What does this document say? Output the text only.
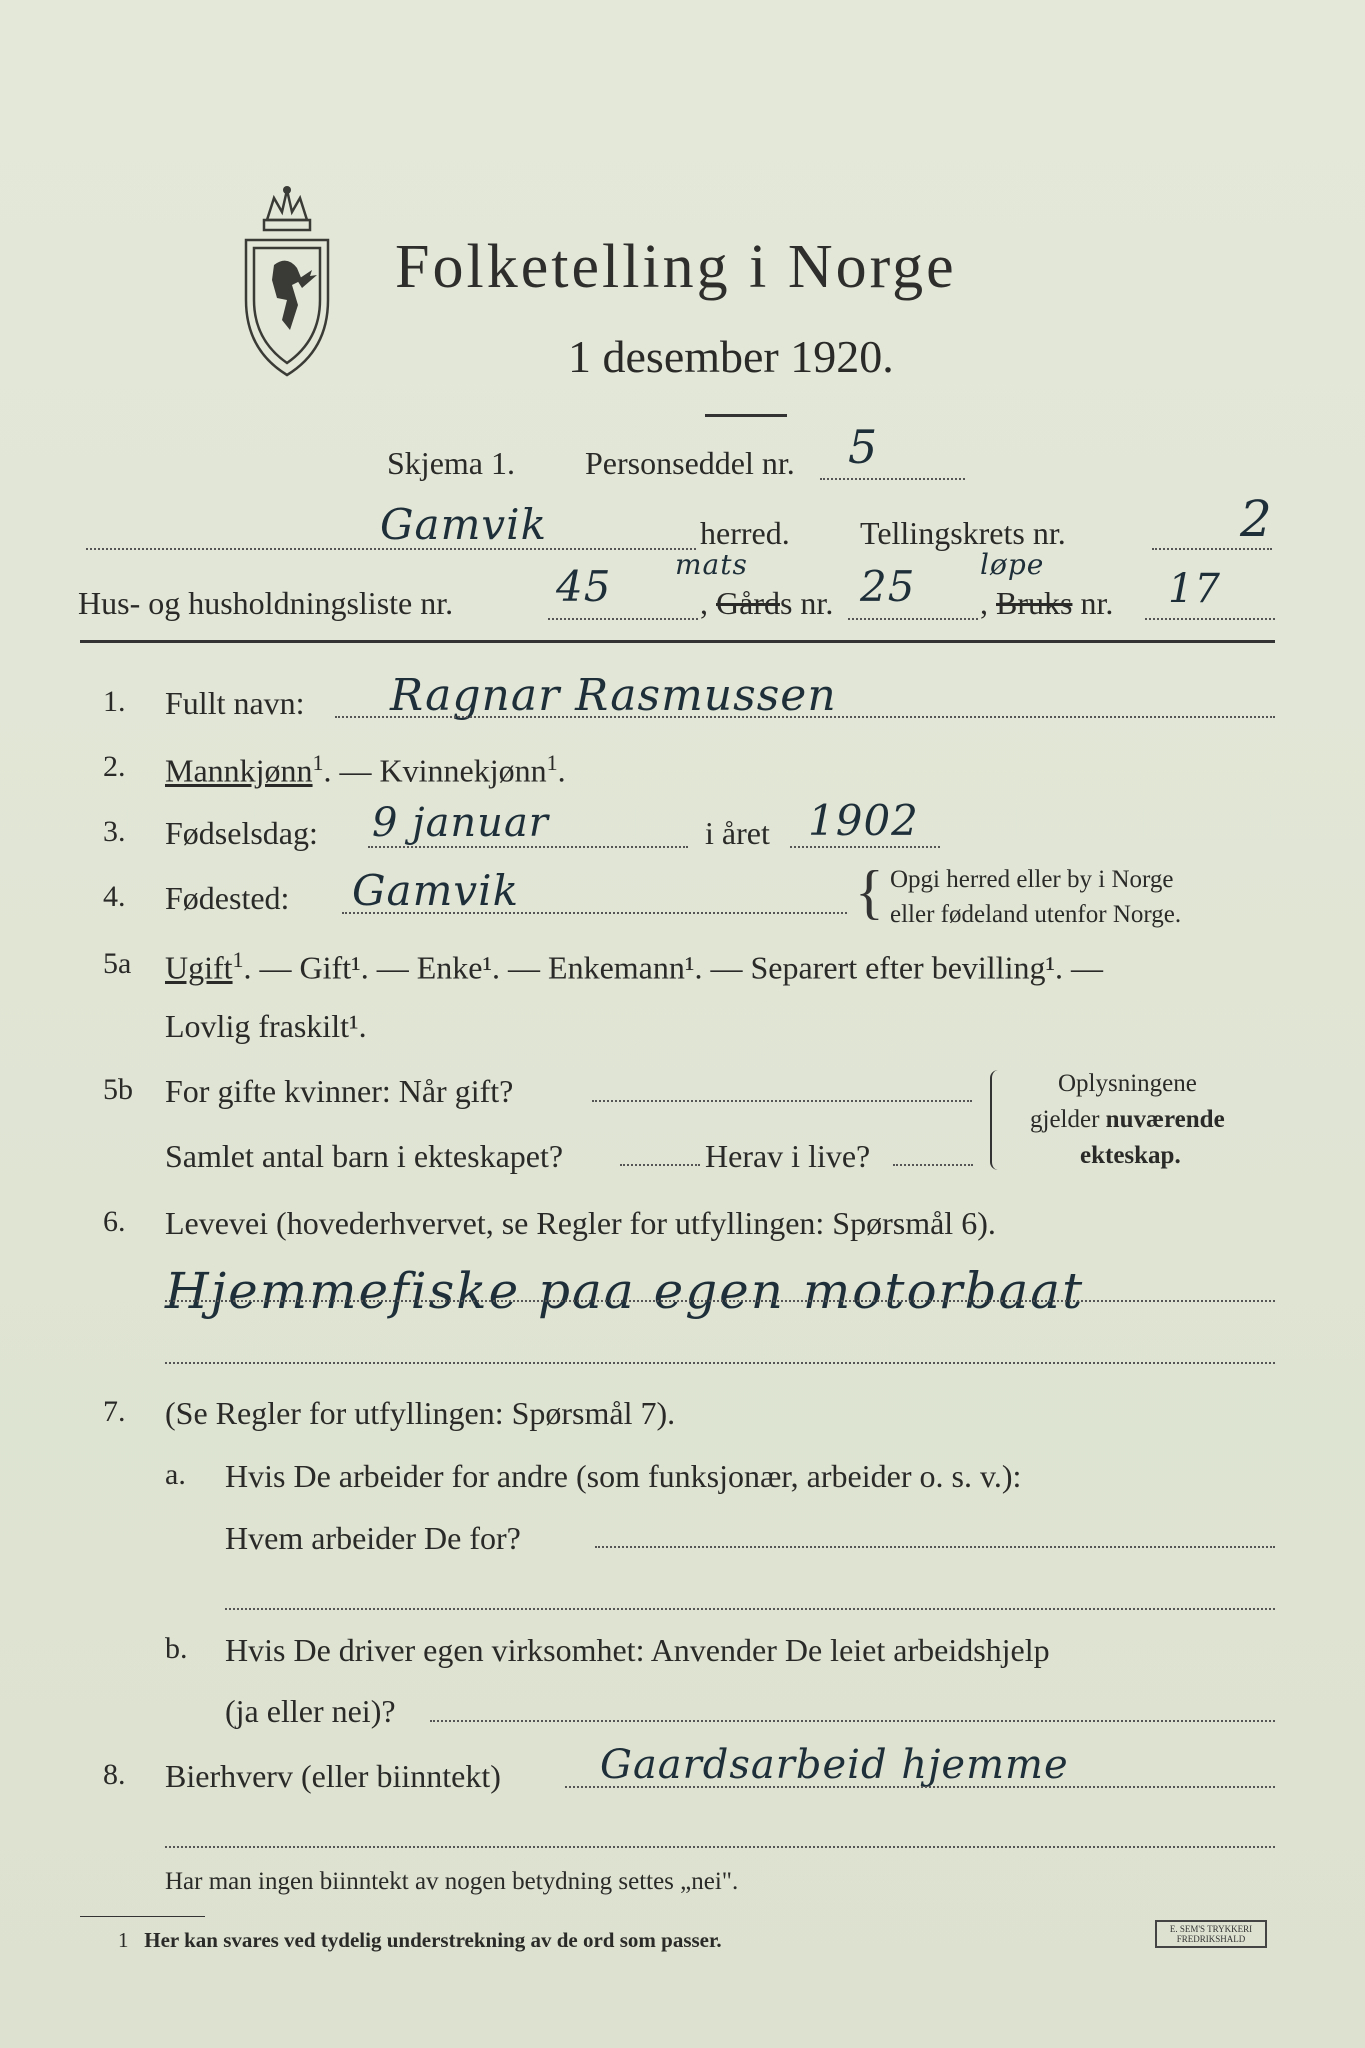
Folketelling i Norge
1 desember 1920.
Skjema 1. Personseddel nr. 5
Gamvik	herred. Tellingskrets nr.	2
Hus- og husholdningsliste nr. 45 mats
, Gårds nr. 25 løpe
, Bruks nr. 17
1. Fullt navn: Ragnar Rasmussen
2. Mannkjønn$^1$. — Kvinnekjønn$^1$.
3. Fødselsdag: 9 januar	i året 1902
4. Fødested: Gamvik	{ Opgi herred eller by i Norge
eller fødeland utenfor Norge.
5a Ugift$^1$. — Gift¹. — Enke¹. — Enkemann¹. — Separert efter bevilling¹. —
Lovlig fraskilt¹.
5b For gifte kvinner: Når gift?
Samlet antal barn i ekteskapet?	Herav i live?
Oplysningene
gjelder nuværende
ekteskap.
6. Levevei (hovederhvervet, se Regler for utfyllingen: Spørsmål 6).
Hjemmefiske paa egen motorbaat
7. (Se Regler for utfyllingen: Spørsmål 7).
a. Hvis De arbeider for andre (som funksjonær, arbeider o. s. v.):
Hvem arbeider De for?
b. Hvis De driver egen virksomhet: Anvender De leiet arbeidshjelp
(ja eller nei)?
8. Bierhverv (eller biinntekt) Gaardsarbeid hjemme
Har man ingen biinntekt av nogen betydning settes „nei".
1 Her kan svares ved tydelig understrekning av de ord som passer.	E. SEM'S TRYKKERI
FREDRIKSHALD
